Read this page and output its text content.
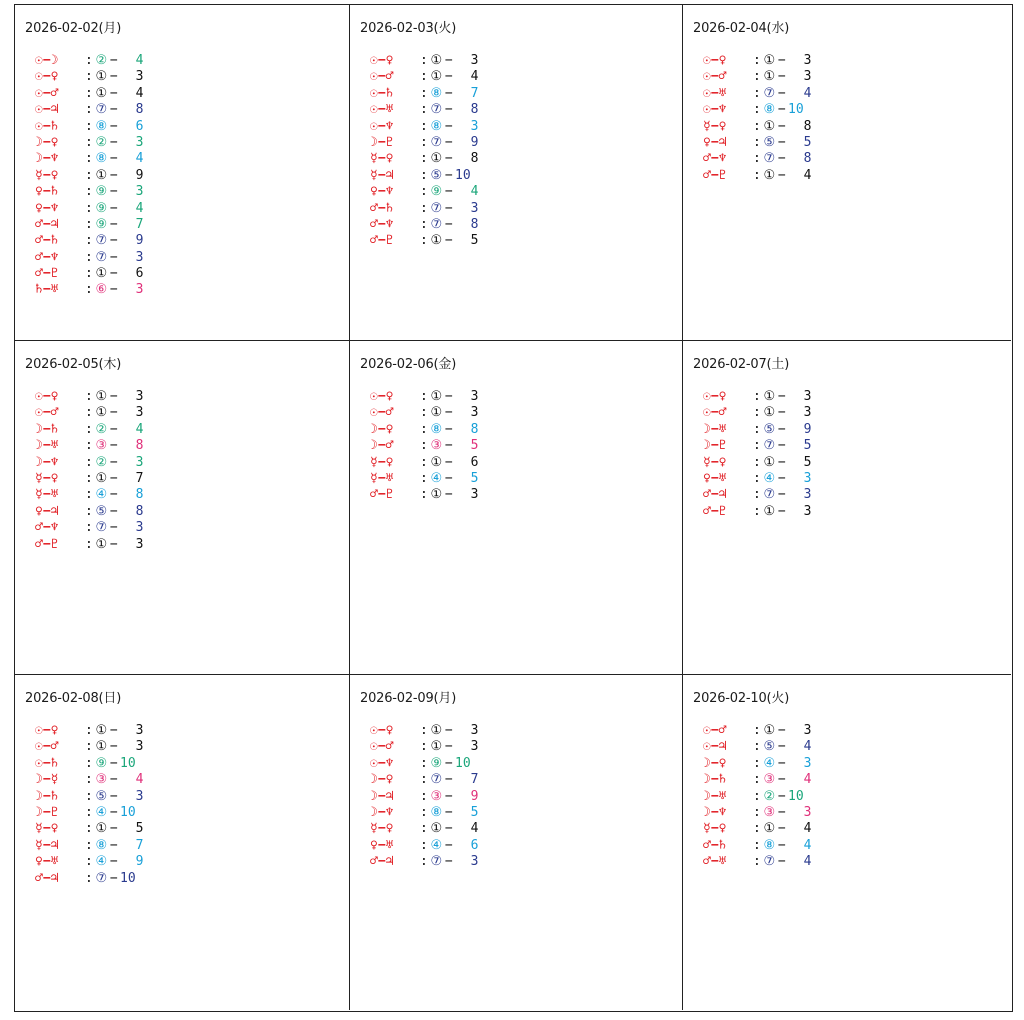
2026-02-02(月)
☉−☽ : ② − 4
☉−♀ : ① − 3
☉−♂ : ① − 4
☉−♃ : ⑦ − 8
☉−♄ : ⑧ − 6
☽−♀ : ② − 3
☽−♆ : ⑧ − 4
☿−♀ : ① − 9
♀−♄ : ⑨ − 3
♀−♆ : ⑨ − 4
♂−♃ : ⑨ − 7
♂−♄ : ⑦ − 9
♂−♆ : ⑦ − 3
♂−♇ : ① − 6
♄−♅ : ⑥ − 3
2026-02-03(火)
☉−♀ : ① − 3
☉−♂ : ① − 4
☉−♄ : ⑧ − 7
☉−♅ : ⑦ − 8
☉−♆ : ⑧ − 3
☽−♇ : ⑦ − 9
☿−♀ : ① − 8
☿−♃ : ⑤ − 10
♀−♆ : ⑨ − 4
♂−♄ : ⑦ − 3
♂−♆ : ⑦ − 8
♂−♇ : ① − 5
2026-02-04(水)
☉−♀ : ① − 3
☉−♂ : ① − 3
☉−♅ : ⑦ − 4
☉−♆ : ⑧ − 10
☿−♀ : ① − 8
♀−♃ : ⑤ − 5
♂−♆ : ⑦ − 8
♂−♇ : ① − 4
2026-02-05(木)
☉−♀ : ① − 3
☉−♂ : ① − 3
☽−♄ : ② − 4
☽−♅ : ③ − 8
☽−♆ : ② − 3
☿−♀ : ① − 7
☿−♅ : ④ − 8
♀−♃ : ⑤ − 8
♂−♆ : ⑦ − 3
♂−♇ : ① − 3
2026-02-06(金)
☉−♀ : ① − 3
☉−♂ : ① − 3
☽−♀ : ⑧ − 8
☽−♂ : ③ − 5
☿−♀ : ① − 6
☿−♅ : ④ − 5
♂−♇ : ① − 3
2026-02-07(土)
☉−♀ : ① − 3
☉−♂ : ① − 3
☽−♅ : ⑤ − 9
☽−♇ : ⑦ − 5
☿−♀ : ① − 5
♀−♅ : ④ − 3
♂−♃ : ⑦ − 3
♂−♇ : ① − 3
2026-02-08(日)
☉−♀ : ① − 3
☉−♂ : ① − 3
☉−♄ : ⑨ − 10
☽−☿ : ③ − 4
☽−♄ : ⑤ − 3
☽−♇ : ④ − 10
☿−♀ : ① − 5
☿−♃ : ⑧ − 7
♀−♅ : ④ − 9
♂−♃ : ⑦ − 10
2026-02-09(月)
☉−♀ : ① − 3
☉−♂ : ① − 3
☉−♆ : ⑨ − 10
☽−♀ : ⑦ − 7
☽−♃ : ③ − 9
☽−♆ : ⑧ − 5
☿−♀ : ① − 4
♀−♅ : ④ − 6
♂−♃ : ⑦ − 3
2026-02-10(火)
☉−♂ : ① − 3
☉−♃ : ⑤ − 4
☽−♀ : ④ − 3
☽−♄ : ③ − 4
☽−♅ : ② − 10
☽−♆ : ③ − 3
☿−♀ : ① − 4
♂−♄ : ⑧ − 4
♂−♅ : ⑦ − 4
